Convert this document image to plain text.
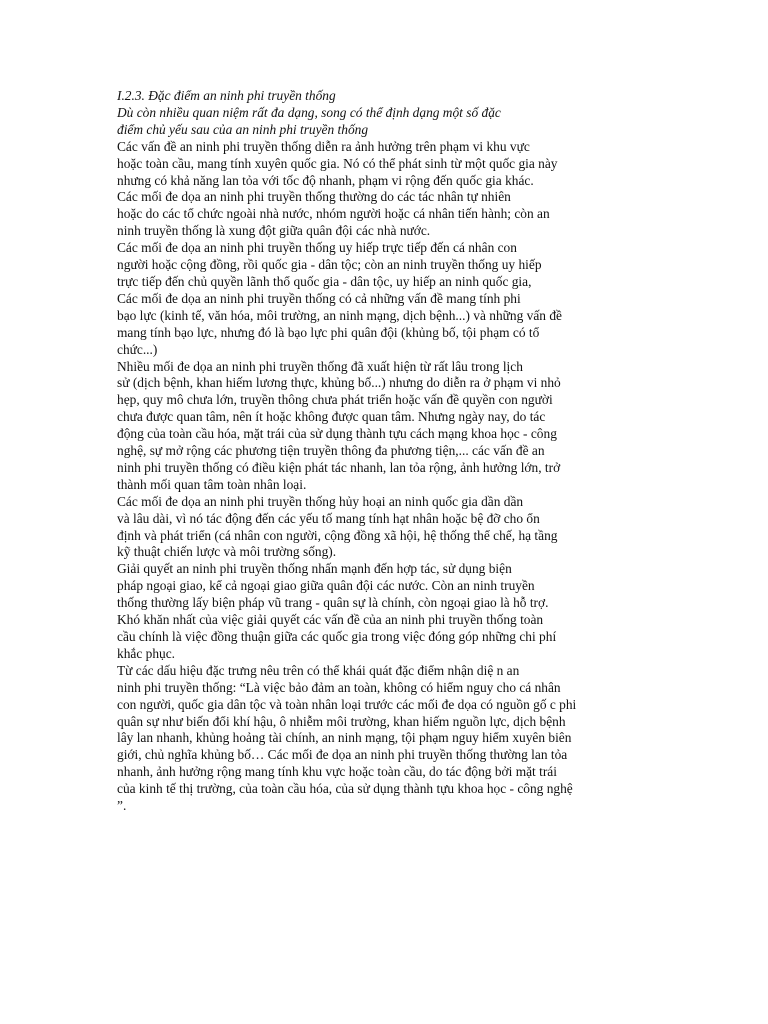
I.2.3. Đặc điểm an ninh phi truyền thống
Dù còn nhiều quan niệm rất đa dạng, song có thể định dạng một số đặc
điểm chủ yếu sau của an ninh phi truyền thống
Các vấn đề an ninh phi truyền thống diễn ra ảnh hưởng trên phạm vi khu vực
hoặc toàn cầu, mang tính xuyên quốc gia. Nó có thể phát sinh từ một quốc gia này
nhưng có khả năng lan tỏa với tốc độ nhanh, phạm vi rộng đến quốc gia khác.
Các mối đe dọa an ninh phi truyền thống thường do các tác nhân tự nhiên
hoặc do các tổ chức ngoài nhà nước, nhóm người hoặc cá nhân tiến hành; còn an
ninh truyền thống là xung đột giữa quân đội các nhà nước.
Các mối đe dọa an ninh phi truyền thống uy hiếp trực tiếp đến cá nhân con
người hoặc cộng đồng, rồi quốc gia - dân tộc; còn an ninh truyền thống uy hiếp
trực tiếp đến chủ quyền lãnh thổ quốc gia - dân tộc, uy hiếp an ninh quốc gia,
Các mối đe dọa an ninh phi truyền thống có cả những vấn đề mang tính phi
bạo lực (kinh tế, văn hóa, môi trường, an ninh mạng, dịch bệnh...) và những vấn đề
mang tính bạo lực, nhưng đó là bạo lực phi quân đội (khủng bố, tội phạm có tổ
chức...)
Nhiều mối đe dọa an ninh phi truyền thống đã xuất hiện từ rất lâu trong lịch
sử (dịch bệnh, khan hiếm lương thực, khủng bố...) nhưng do diễn ra ở phạm vi nhỏ
hẹp, quy mô chưa lớn, truyền thông chưa phát triển hoặc vấn đề quyền con người
chưa được quan tâm, nên ít hoặc không được quan tâm. Nhưng ngày nay, do tác
động của toàn cầu hóa, mặt trái của sử dụng thành tựu cách mạng khoa học - công
nghệ, sự mở rộng các phương tiện truyền thông đa phương tiện,... các vấn đề an
ninh phi truyền thống có điều kiện phát tác nhanh, lan tỏa rộng, ảnh hưởng lớn, trở
thành mối quan tâm toàn nhân loại.
Các mối đe dọa an ninh phi truyền thống hủy hoại an ninh quốc gia dần dần
và lâu dài, vì nó tác động đến các yếu tố mang tính hạt nhân hoặc bệ đỡ cho ổn
định và phát triển (cá nhân con người, cộng đồng xã hội, hệ thống thể chế, hạ tầng
kỹ thuật chiến lược và môi trường sống).
Giải quyết an ninh phi truyền thống nhấn mạnh đến hợp tác, sử dụng biện
pháp ngoại giao, kể cả ngoại giao giữa quân đội các nước. Còn an ninh truyền
thống thường lấy biện pháp vũ trang - quân sự là chính, còn ngoại giao là hỗ trợ.
Khó khăn nhất của việc giải quyết các vấn đề của an ninh phi truyền thống toàn
cầu chính là việc đồng thuận giữa các quốc gia trong việc đóng góp những chi phí
khắc phục.
Từ các dấu hiệu đặc trưng nêu trên có thể khái quát đặc điểm nhận diệ n an
ninh phi truyền thống: “Là việc bảo đảm an toàn, không có hiểm nguy cho cá nhân
con người, quốc gia dân tộc và toàn nhân loại trước các mối đe dọa có nguồn gố c phi
quân sự như biến đổi khí hậu, ô nhiễm môi trường, khan hiếm nguồn lực, dịch bệnh
lây lan nhanh, khủng hoảng tài chính, an ninh mạng, tội phạm nguy hiểm xuyên biên
giới, chủ nghĩa khủng bố… Các mối đe dọa an ninh phi truyền thống thường lan tỏa
nhanh, ảnh hưởng rộng mang tính khu vực hoặc toàn cầu, do tác động bởi mặt trái
của kinh tế thị trường, của toàn cầu hóa, của sử dụng thành tựu khoa học - công nghệ
”.
